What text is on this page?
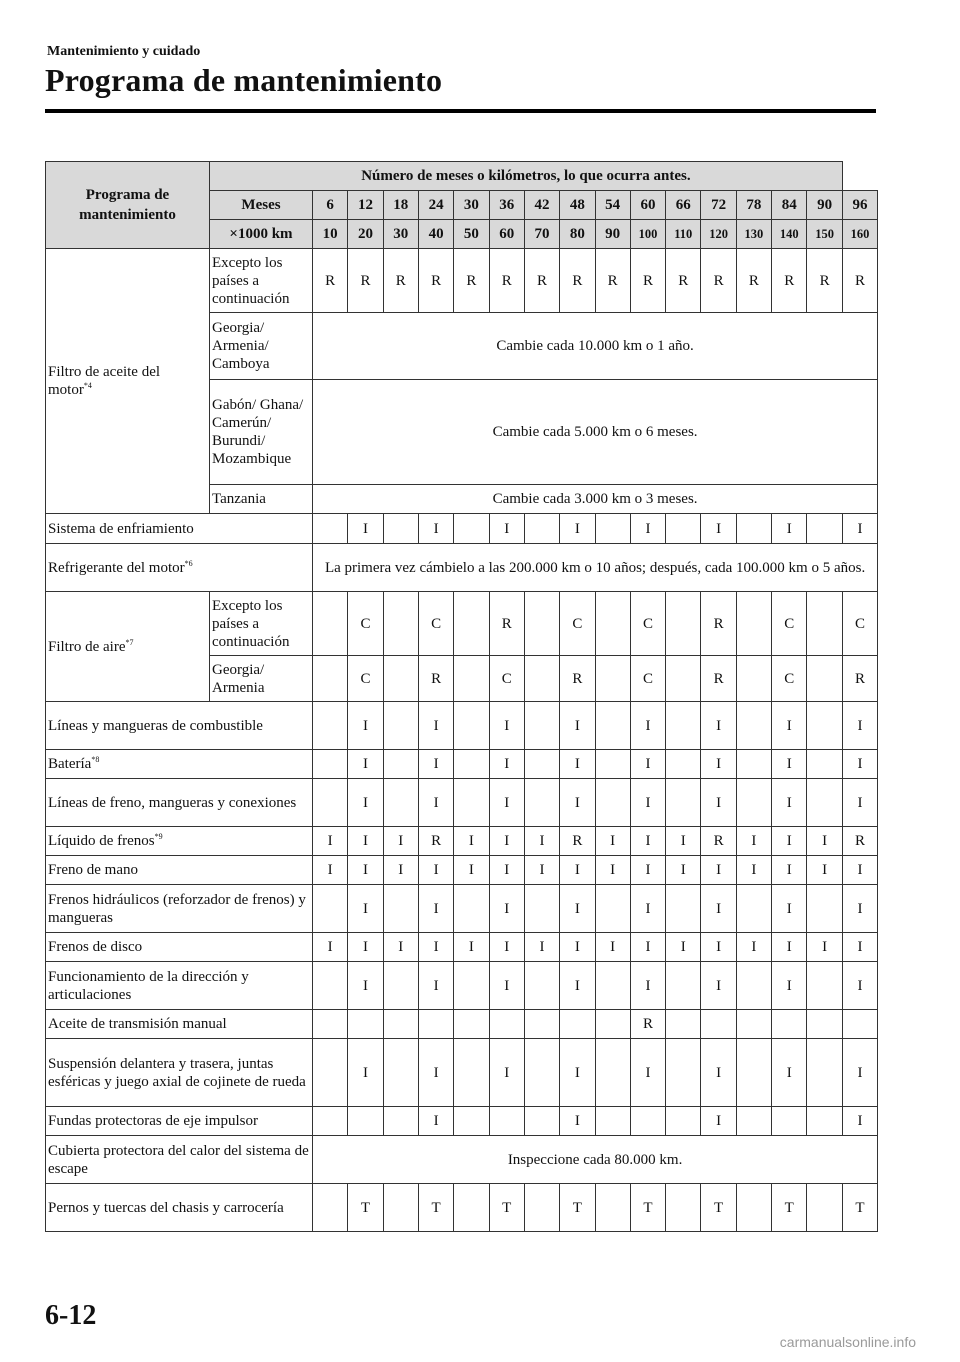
Mantenimiento y cuidado
Programa de mantenimiento
Programa de mantenimiento	Número de meses o kilómetros, lo que ocurra antes.																
	Meses	6	12	18	24	30	36	42	48	54	60	66	72	78	84	90	96
	×1000 km	10	20	30	40	50	60	70	80	90	100	110	120	130	140	150	160
Filtro de aceite del motor$^{*4}$	Excepto los países a continuación	R	R	R	R	R	R	R	R	R	R	R	R	R	R	R	R
	Georgia/ Armenia/ Camboya	Cambie cada 10.000 km o 1 año.															
	Gabón/ Ghana/ Camerún/ Burundi/ Mozambique	Cambie cada 5.000 km o 6 meses.															
	Tanzania	Cambie cada 3.000 km o 3 meses.															
Sistema de enfriamiento			I		I		I		I		I		I		I		I
Refrigerante del motor$^{*6}$		La primera vez cámbielo a las 200.000 km o 10 años; después, cada 100.000 km o 5 años.															
Filtro de aire$^{*7}$	Excepto los países a continuación		C		C		R		C		C		R		C		C
	Georgia/ Armenia		C		R		C		R		C		R		C		R
Líneas y mangueras de combustible			I		I		I		I		I		I		I		I
Batería$^{*8}$			I		I		I		I		I		I		I		I
Líneas de freno, mangueras y conexiones			I		I		I		I		I		I		I		I
Líquido de frenos$^{*9}$		I	I	I	R	I	I	I	R	I	I	I	R	I	I	I	R
Freno de mano		I	I	I	I	I	I	I	I	I	I	I	I	I	I	I	I
Frenos hidráulicos (reforzador de frenos) y mangueras			I		I		I		I		I		I		I		I
Frenos de disco		I	I	I	I	I	I	I	I	I	I	I	I	I	I	I	I
Funcionamiento de la dirección y articulaciones			I		I		I		I		I		I		I		I
Aceite de transmisión manual											R						
Suspensión delantera y trasera, juntas esféricas y juego axial de cojinete de rueda			I		I		I		I		I		I		I		I
Fundas protectoras de eje impulsor					I				I				I				I
Cubierta protectora del calor del sistema de escape		Inspeccione cada 80.000 km.															
Pernos y tuercas del chasis y carrocería			T		T		T		T		T		T		T		T
6-12
carmanualsonline.info
